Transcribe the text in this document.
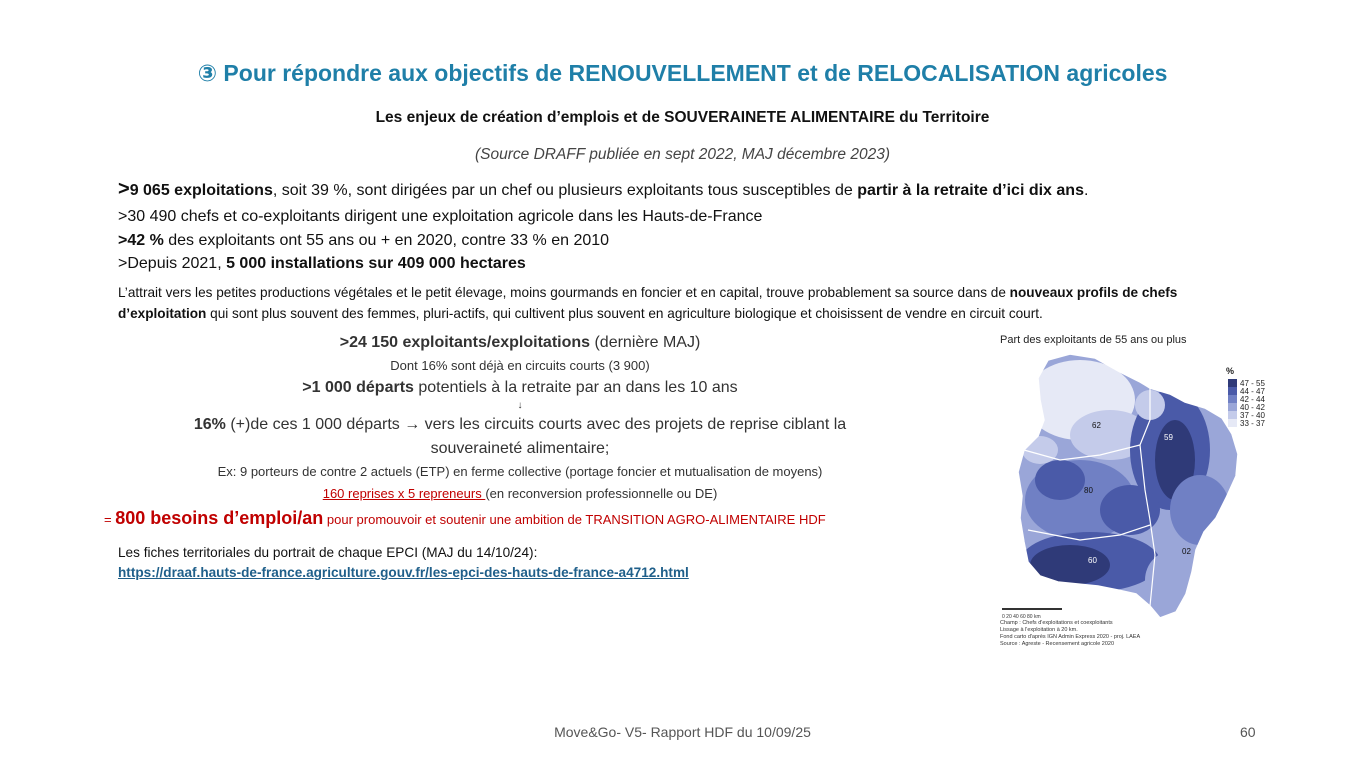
③ Pour répondre aux objectifs de RENOUVELLEMENT et de RELOCALISATION agricoles
Les enjeux de création d’emplois et de SOUVERAINETE ALIMENTAIRE du Territoire
(Source DRAFF publiée en sept 2022, MAJ décembre 2023)
>9 065 exploitations, soit 39 %, sont dirigées par un chef ou plusieurs exploitants tous susceptibles de partir à la retraite d’ici dix ans.
>30 490 chefs et co-exploitants dirigent une exploitation agricole dans les Hauts-de-France
>42 % des exploitants ont 55 ans ou + en 2020, contre 33 % en 2010
>Depuis 2021, 5 000 installations sur 409 000 hectares
L’attrait vers les petites productions végétales et le petit élevage, moins gourmands en foncier et en capital, trouve probablement sa source dans de nouveaux profils de chefs d’exploitation qui sont plus souvent des femmes, pluri-actifs, qui cultivent plus souvent en agriculture biologique et choisissent de vendre en circuit court.
>24 150 exploitants/exploitations (dernière MAJ)
Dont 16% sont déjà en circuits courts (3 900)
>1 000 départs potentiels à la retraite par an dans les 10 ans
↓
16% (+)de ces 1 000 départs → vers les circuits courts avec des projets de reprise ciblant la
souveraineté alimentaire;
Ex: 9 porteurs de contre 2 actuels (ETP) en ferme collective (portage foncier et mutualisation de moyens)
160 reprises x 5 repreneurs (en reconversion professionnelle ou DE)
= 800 besoins d’emploi/an pour promouvoir et soutenir une ambition de TRANSITION AGRO-ALIMENTAIRE HDF
Les fiches territoriales du portrait de chaque EPCI (MAJ du 14/10/24):
https://draaf.hauts-de-france.agriculture.gouv.fr/les-epci-des-hauts-de-france-a4712.html
Part des exploitants de 55 ans ou plus
62
59
80
02
60
0 20 40 60 80 km
%
47 - 55
44 - 47
42 - 44
40 - 42
37 - 40
33 - 37
Champ : Chefs d'exploitations et coexploitants
Lissage à l'exploitation à 20 km.
Fond carto d'après IGN Admin Express 2020 - proj. LAEA
Source : Agreste - Recensement agricole 2020
Move&Go- V5- Rapport HDF du 10/09/25	60
